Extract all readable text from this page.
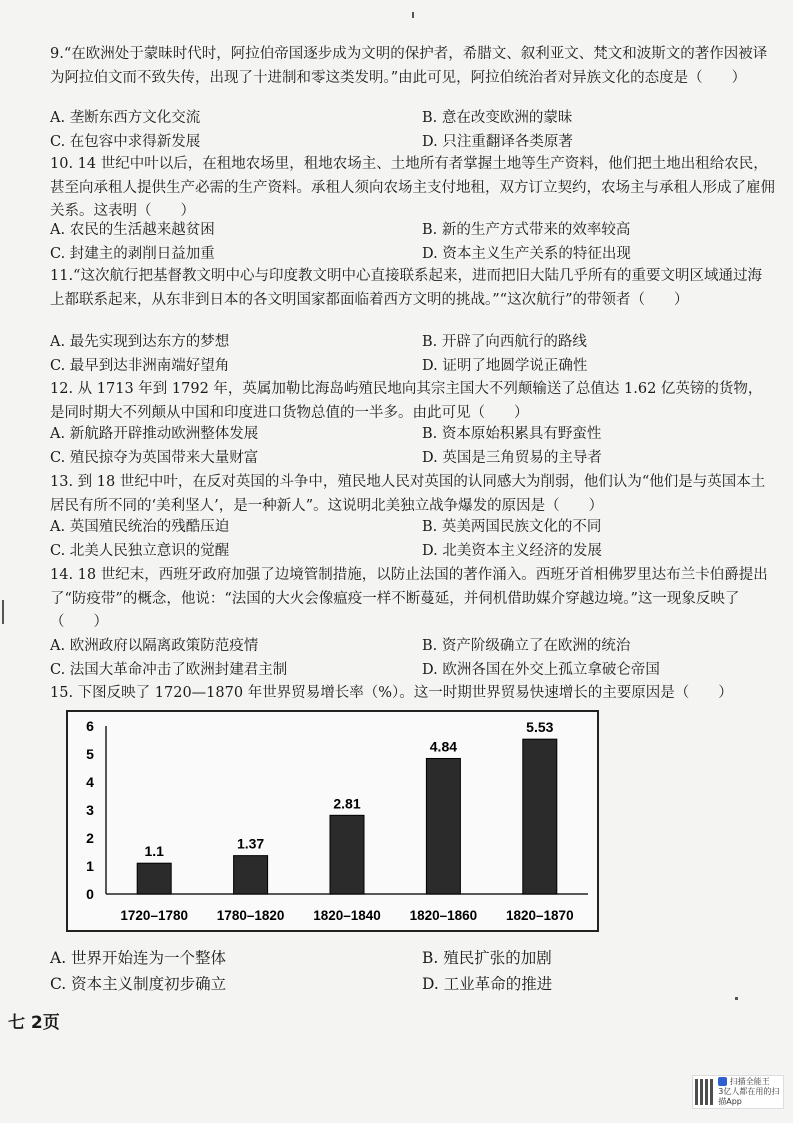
9.“在欧洲处于蒙昧时代时，阿拉伯帝国逐步成为文明的保护者，希腊文、叙利亚文、梵文和波斯文的著作因被译为阿拉伯文而不致失传，出现了十进制和零这类发明。”由此可见，阿拉伯统治者对异族文化的态度是（　　）

A. 垄断东西方文化交流	B. 意在改变欧洲的蒙昧
C. 在包容中求得新发展	D. 只注重翻译各类原著

10. 14 世纪中叶以后，在租地农场里，租地农场主、土地所有者掌握土地等生产资料，他们把土地出租给农民，甚至向承租人提供生产必需的生产资料。承租人须向农场主支付地租，双方订立契约，农场主与承租人形成了雇佣关系。这表明（　　）

A. 农民的生活越来越贫困	B. 新的生产方式带来的效率较高
C. 封建主的剥削日益加重	D. 资本主义生产关系的特征出现

11.“这次航行把基督教文明中心与印度教文明中心直接联系起来，进而把旧大陆几乎所有的重要文明区域通过海上都联系起来，从东非到日本的各文明国家都面临着西方文明的挑战。”“这次航行”的带领者（　　）

A. 最先实现到达东方的梦想	B. 开辟了向西航行的路线
C. 最早到达非洲南端好望角	D. 证明了地圆学说正确性

12. 从 1713 年到 1792 年，英属加勒比海岛屿殖民地向其宗主国大不列颠输送了总值达 1.62 亿英镑的货物，是同时期大不列颠从中国和印度进口货物总值的一半多。由此可见（　　）

A. 新航路开辟推动欧洲整体发展	B. 资本原始积累具有野蛮性
C. 殖民掠夺为英国带来大量财富	D. 英国是三角贸易的主导者

13. 到 18 世纪中叶，在反对英国的斗争中，殖民地人民对英国的认同感大为削弱，他们认为“他们是与英国本土居民有所不同的‘美利坚人’，是一种新人”。这说明北美独立战争爆发的原因是（　　）

A. 英国殖民统治的残酷压迫	B. 英美两国民族文化的不同
C. 北美人民独立意识的觉醒	D. 北美资本主义经济的发展

14. 18 世纪末，西班牙政府加强了边境管制措施，以防止法国的著作涌入。西班牙首相佛罗里达布兰卡伯爵提出了“防疫带”的概念，他说：“法国的大火会像瘟疫一样不断蔓延，并伺机借助媒介穿越边境。”这一现象反映了（　　）

A. 欧洲政府以隔离政策防范疫情	B. 资产阶级确立了在欧洲的统治
C. 法国大革命冲击了欧洲封建君主制	D. 欧洲各国在外交上孤立拿破仑帝国

15. 下图反映了 1720—1870 年世界贸易增长率（%）。这一时期世界贸易快速增长的主要原因是（　　）

0
1
2
3
4
5
6
1.1
1720–1780
1.37
1780–1820
2.81
1820–1840
4.84
1820–1860
5.53
1820–1870
A. 世界开始连为一个整体	B. 殖民扩张的加剧
C. 资本主义制度初步确立	D. 工业革命的推进
七 2页
扫描全能王
3亿人都在用的扫描App
